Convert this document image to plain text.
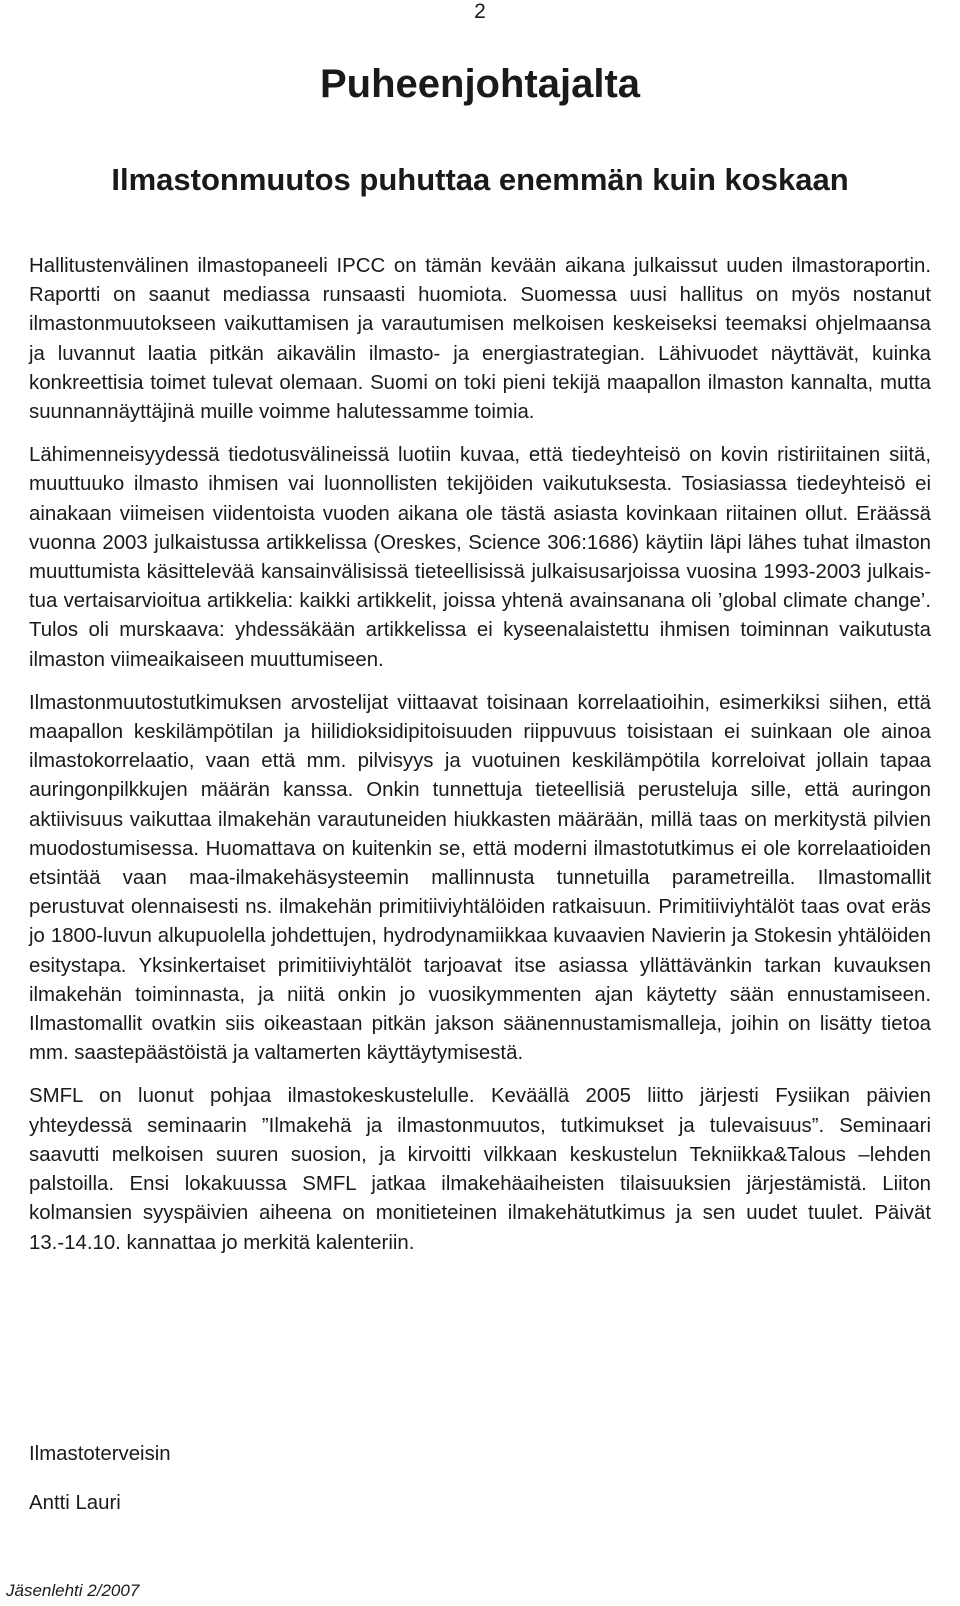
2
Puheenjohtajalta
Ilmastonmuutos puhuttaa enemmän kuin koskaan

Hallitustenvälinen ilmastopaneeli IPCC on tämän kevään aikana julkaissut uuden ilmastoraportin. Raportti on saanut mediassa runsaasti huomiota. Suomessa uusi hallitus on myös nostanut ilmastonmuutokseen vaikuttamisen ja varautumisen melkoisen keskeiseksi teemaksi ohjelmaansa ja luvannut laatia pitkän aikavälin ilmasto- ja energiastrategian. Lähivuodet näyttävät, kuinka konkreettisia toimet tulevat olemaan. Suomi on toki pieni tekijä maapallon ilmaston kannalta, mutta suunnannäyttäjinä muille voimme halutessamme toimia.

Lähimenneisyydessä tiedotusvälineissä luotiin kuvaa, että tiedeyhteisö on kovin ristiriitainen siitä, muuttuuko ilmasto ihmisen vai luonnollisten tekijöiden vaikutuksesta. Tosiasiassa tiedeyhteisö ei ainakaan viimeisen viidentoista vuoden aikana ole tästä asiasta kovinkaan riitainen ollut. Eräässä vuonna 2003 julkaistussa artikkelissa (Oreskes, Science 306:1686) käytiin läpi lähes tuhat ilmaston muuttumista käsittelevää kansainvälisissä tieteellisissä julkaisusarjoissa vuosina 1993-2003 julkaistua vertaisarvioitua artikkelia: kaikki artikkelit, joissa yhtenä avainsanana oli ’global climate change’. Tulos oli murskaava: yhdessäkään artikkelissa ei kyseenalaistettu ihmisen toiminnan vaikutusta ilmaston viimeaikaiseen muuttumiseen.

Ilmastonmuutostutkimuksen arvostelijat viittaavat toisinaan korrelaatioihin, esimerkiksi siihen, että maapallon keskilämpötilan ja hiilidioksidipitoisuuden riippuvuus toisistaan ei suinkaan ole ainoa ilmastokorrelaatio, vaan että mm. pilvisyys ja vuotuinen keskilämpötila korreloivat jollain tapaa auringonpilkkujen määrän kanssa. Onkin tunnettuja tieteellisiä perusteluja sille, että auringon aktiivisuus vaikuttaa ilmakehän varautuneiden hiukkasten määrään, millä taas on merkitystä pilvien muodostumisessa. Huomattava on kuitenkin se, että moderni ilmastotutkimus ei ole korrelaatioiden etsintää vaan maa-ilmakehäsysteemin mallinnusta tunnetuilla parametreilla. Ilmastomallit perustuvat olennaisesti ns. ilmakehän primitiiviyhtälöiden ratkaisuun. Primitiiviyhtälöt taas ovat eräs jo 1800-luvun alkupuolella johdettujen, hydrodynamiikkaa kuvaavien Navierin ja Stokesin yhtälöiden esitystapa. Yksinkertaiset primitiiviyhtälöt tarjoavat itse asiassa yllättävänkin tarkan kuvauksen ilmakehän toiminnasta, ja niitä onkin jo vuosikymmenten ajan käytetty sään ennustamiseen. Ilmastomallit ovatkin siis oikeastaan pitkän jakson säänennustamismalleja, joihin on lisätty tietoa mm. saastepäästöistä ja valtamerten käyttäytymisestä.

SMFL on luonut pohjaa ilmastokeskustelulle. Keväällä 2005 liitto järjesti Fysiikan päivien yhteydessä seminaarin ”Ilmakehä ja ilmastonmuutos, tutkimukset ja tulevaisuus”. Seminaari saavutti melkoisen suuren suosion, ja kirvoitti vilkkaan keskustelun Tekniikka&Talous –lehden palstoilla. Ensi lokakuussa SMFL jatkaa ilmakehäaiheisten tilaisuuksien järjestämistä. Liiton kolmansien syyspäivien aiheena on monitieteinen ilmakehätutkimus ja sen uudet tuulet. Päivät 13.-14.10. kannattaa jo merkitä kalenteriin.

Ilmastoterveisin

Antti Lauri

Jäsenlehti 2/2007
